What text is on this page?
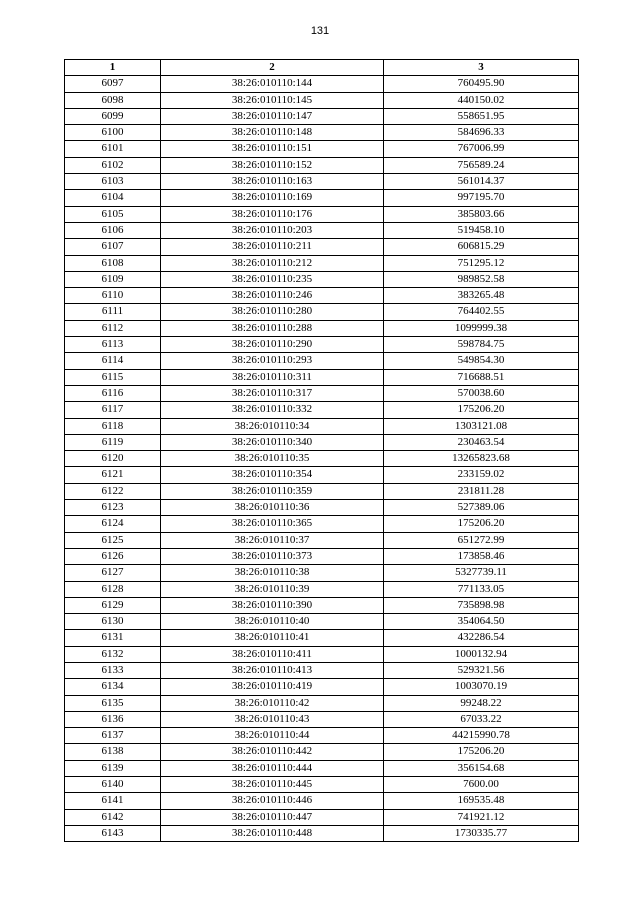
131
1	2	3
6097	38:26:010110:144	760495.90
6098	38:26:010110:145	440150.02
6099	38:26:010110:147	558651.95
6100	38:26:010110:148	584696.33
6101	38:26:010110:151	767006.99
6102	38:26:010110:152	756589.24
6103	38:26:010110:163	561014.37
6104	38:26:010110:169	997195.70
6105	38:26:010110:176	385803.66
6106	38:26:010110:203	519458.10
6107	38:26:010110:211	606815.29
6108	38:26:010110:212	751295.12
6109	38:26:010110:235	989852.58
6110	38:26:010110:246	383265.48
6111	38:26:010110:280	764402.55
6112	38:26:010110:288	1099999.38
6113	38:26:010110:290	598784.75
6114	38:26:010110:293	549854.30
6115	38:26:010110:311	716688.51
6116	38:26:010110:317	570038.60
6117	38:26:010110:332	175206.20
6118	38:26:010110:34	1303121.08
6119	38:26:010110:340	230463.54
6120	38:26:010110:35	13265823.68
6121	38:26:010110:354	233159.02
6122	38:26:010110:359	231811.28
6123	38:26:010110:36	527389.06
6124	38:26:010110:365	175206.20
6125	38:26:010110:37	651272.99
6126	38:26:010110:373	173858.46
6127	38:26:010110:38	5327739.11
6128	38:26:010110:39	771133.05
6129	38:26:010110:390	735898.98
6130	38:26:010110:40	354064.50
6131	38:26:010110:41	432286.54
6132	38:26:010110:411	1000132.94
6133	38:26:010110:413	529321.56
6134	38:26:010110:419	1003070.19
6135	38:26:010110:42	99248.22
6136	38:26:010110:43	67033.22
6137	38:26:010110:44	44215990.78
6138	38:26:010110:442	175206.20
6139	38:26:010110:444	356154.68
6140	38:26:010110:445	7600.00
6141	38:26:010110:446	169535.48
6142	38:26:010110:447	741921.12
6143	38:26:010110:448	1730335.77
